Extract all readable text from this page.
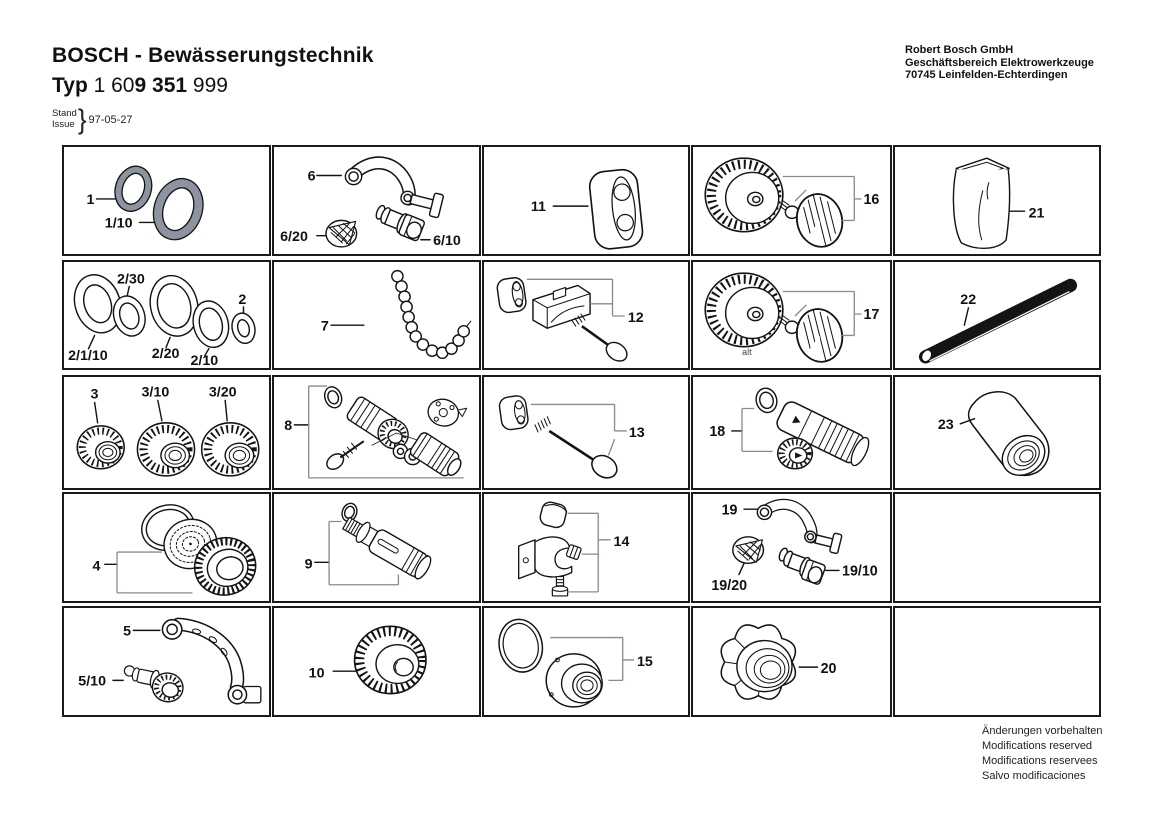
BOSCH - Bewässerungstechnik
Typ 1 609 351 999
Stand
Issue } 97-05-27
Robert Bosch GmbH
Geschäftsbereich Elektrowerkzeuge
70745 Leinfelden-Echterdingen
1
1/10
6
6/20	6/10
11	16
21
2/30
2
2/1/10	2/20 2/10
7
12	17
alt
22
3	3/10	3/20
8	13	18	23
4	9
14
19
19/20
19/10
5
5/10
10
15	20
Änderungen vorbehalten
Modifications reserved
Modifications reservees
Salvo modificaciones
